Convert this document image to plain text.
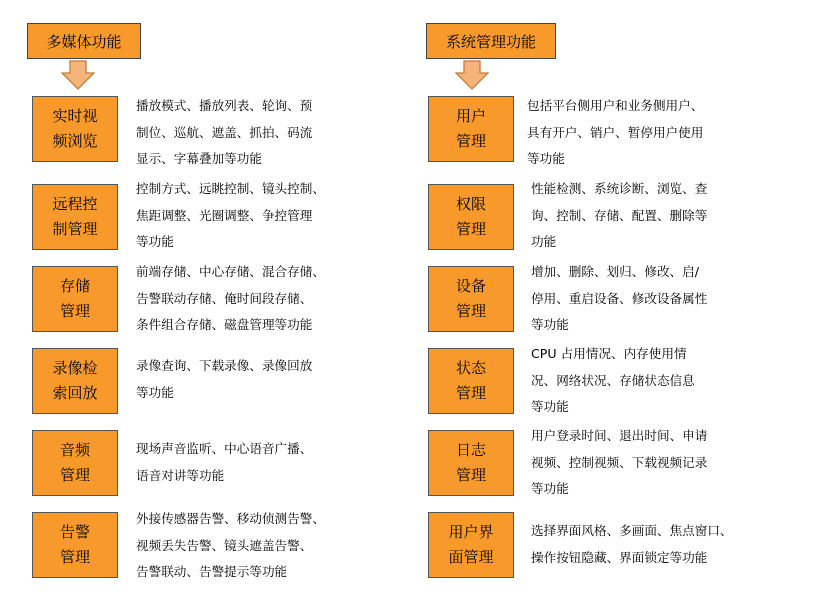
多媒体功能
实时视
频浏览
播放模式、播放列表、轮询、预
制位、巡航、遮盖、抓拍、码流
显示、字幕叠加等功能
远程控
制管理
控制方式、远眺控制、镜头控制、
焦距调整、光圈调整、争控管理
等功能
存储
管理
前端存储、中心存储、混合存储、
告警联动存储、俺时间段存储、
条件组合存储、磁盘管理等功能
录像检
索回放
录像查询、下载录像、录像回放
等功能
音频
管理
现场声音监听、中心语音广播、
语音对讲等功能
告警
管理
外接传感器告警、移动侦测告警、
视频丢失告警、镜头遮盖告警、
告警联动、告警提示等功能
系统管理功能
用户
管理
包括平台侧用户和业务侧用户、
具有开户、销户、暂停用户使用
等功能
权限
管理
性能检测、系统诊断、浏览、查
询、控制、存储、配置、删除等
功能
设备
管理
增加、删除、划归、修改、启/
停用、重启设备、修改设备属性
等功能
状态
管理
CPU 占用情况、内存使用情
况、网络状况、存储状态信息
等功能
日志
管理
用户登录时间、退出时间、申请
视频、控制视频、下载视频记录
等功能
用户界
面管理
选择界面风格、多画面、焦点窗口、
操作按钮隐藏、界面锁定等功能
